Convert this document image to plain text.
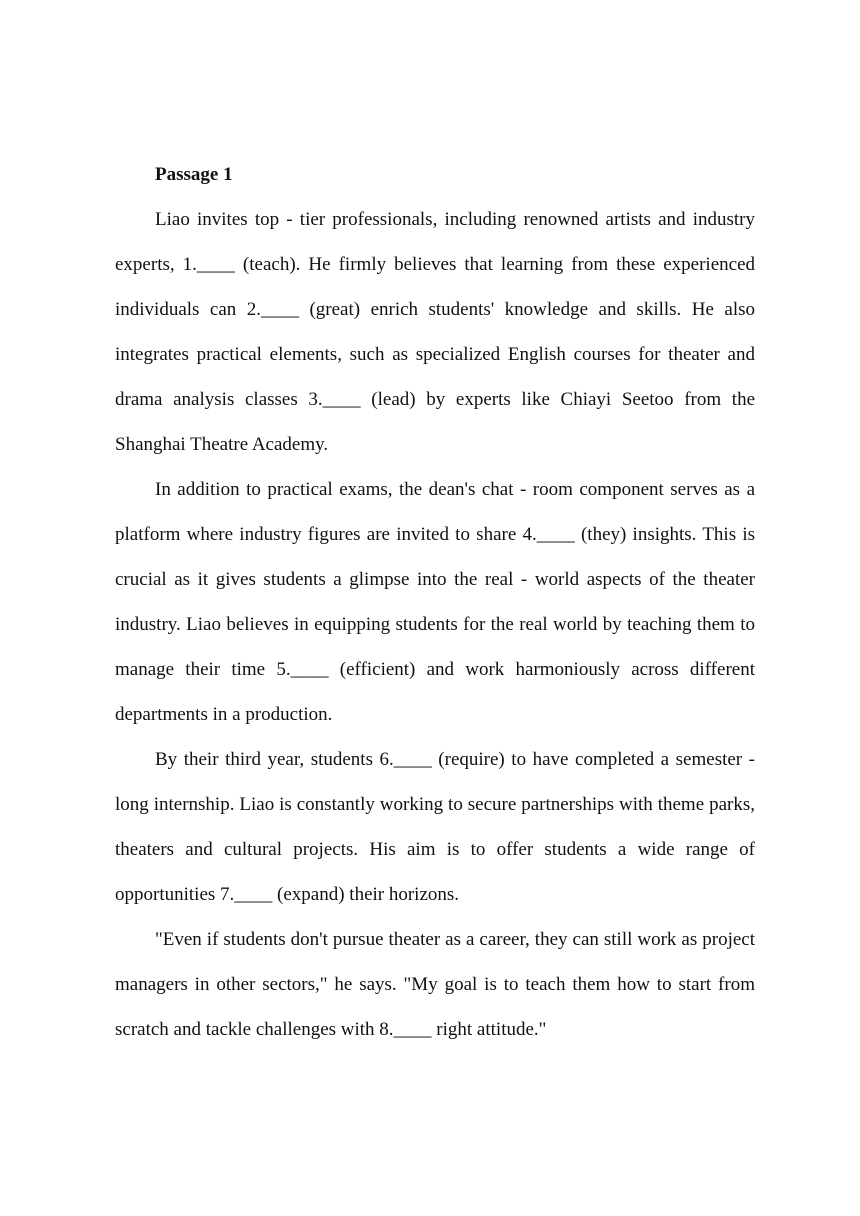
Passage 1

Liao invites top - tier professionals, including renowned artists and industry experts, 1.____ (teach). He firmly believes that learning from these experienced individuals can 2.____ (great) enrich students' knowledge and skills. He also integrates practical elements, such as specialized English courses for theater and drama analysis classes 3.____ (lead) by experts like Chiayi Seetoo from the Shanghai Theatre Academy.

In addition to practical exams, the dean's chat - room component serves as a platform where industry figures are invited to share 4.____ (they) insights. This is crucial as it gives students a glimpse into the real - world aspects of the theater industry. Liao believes in equipping students for the real world by teaching them to manage their time 5.____ (efficient) and work harmoniously across different departments in a production.

By their third year, students 6.____ (require) to have completed a semester - long internship. Liao is constantly working to secure partnerships with theme parks, theaters and cultural projects. His aim is to offer students a wide range of opportunities 7.____ (expand) their horizons.

"Even if students don't pursue theater as a career, they can still work as project managers in other sectors," he says. "My goal is to teach them how to start from scratch and tackle challenges with 8.____ right attitude."
